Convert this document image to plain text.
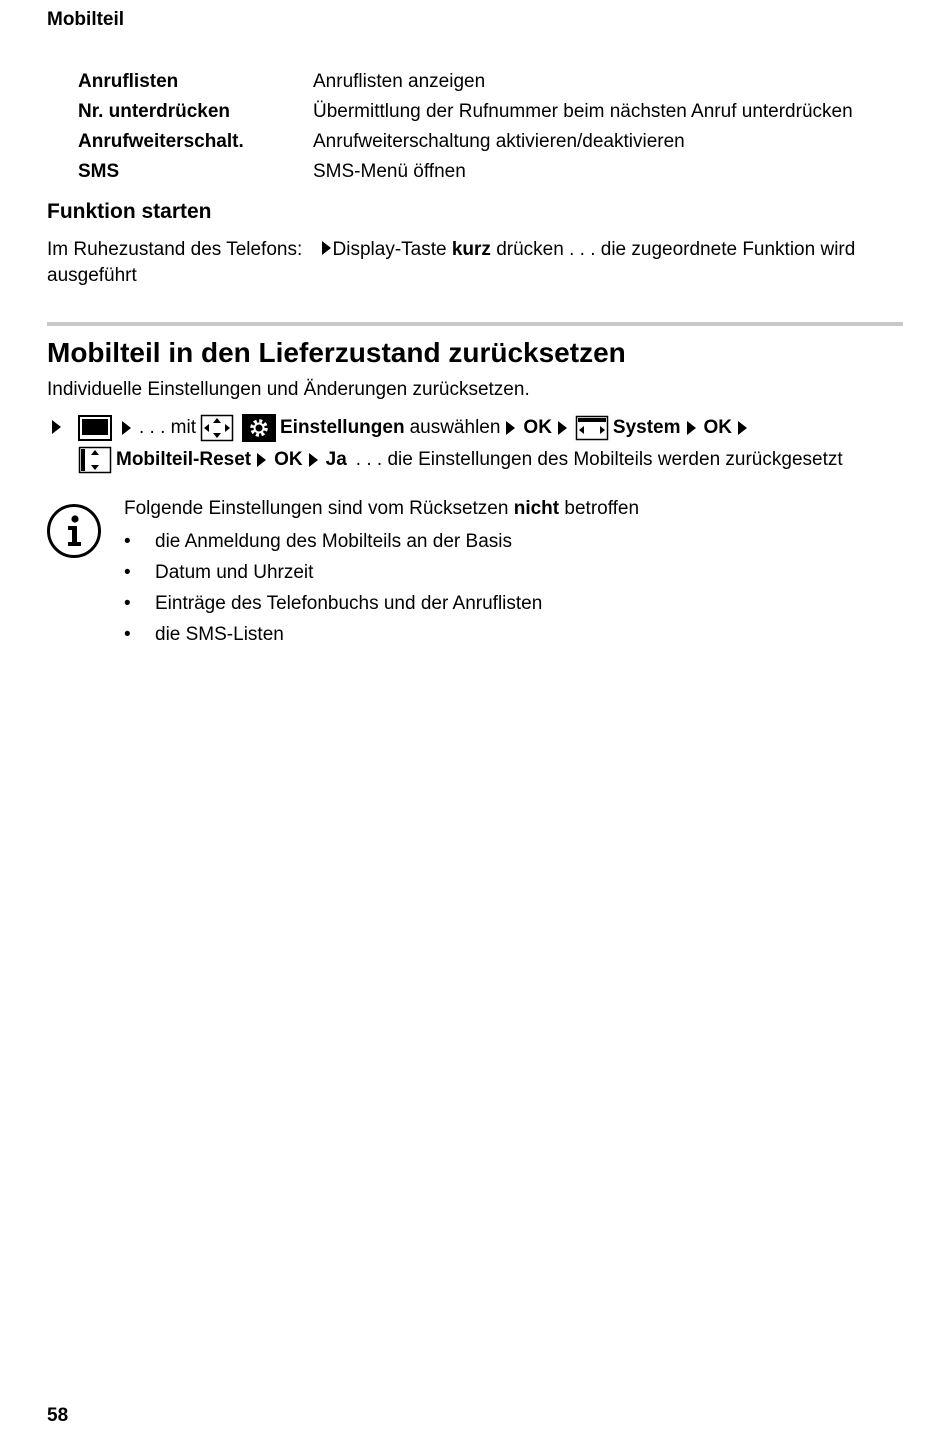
Mobilteil
Anruflisten	Anruflisten anzeigen
Nr. unterdrücken	Übermittlung der Rufnummer beim nächsten Anruf unterdrücken
Anrufweiterschalt.	Anrufweiterschaltung aktivieren/deaktivieren
SMS	SMS-Menü öffnen
Funktion starten
Im Ruhezustand des Telefons: Display-Taste kurz drücken . . . die zugeordnete Funktion wird ausgeführt
Mobilteil in den Lieferzustand zurücksetzen
Individuelle Einstellungen und Änderungen zurücksetzen.
. . . mit	Einstellungen auswählen OK	System OK
Mobilteil-Reset OK Ja . . . die Einstellungen des Mobilteils werden zurückgesetzt
Folgende Einstellungen sind vom Rücksetzen nicht betroffen
•	die Anmeldung des Mobilteils an der Basis
•	Datum und Uhrzeit
•	Einträge des Telefonbuchs und der Anruflisten
•	die SMS-Listen
58
